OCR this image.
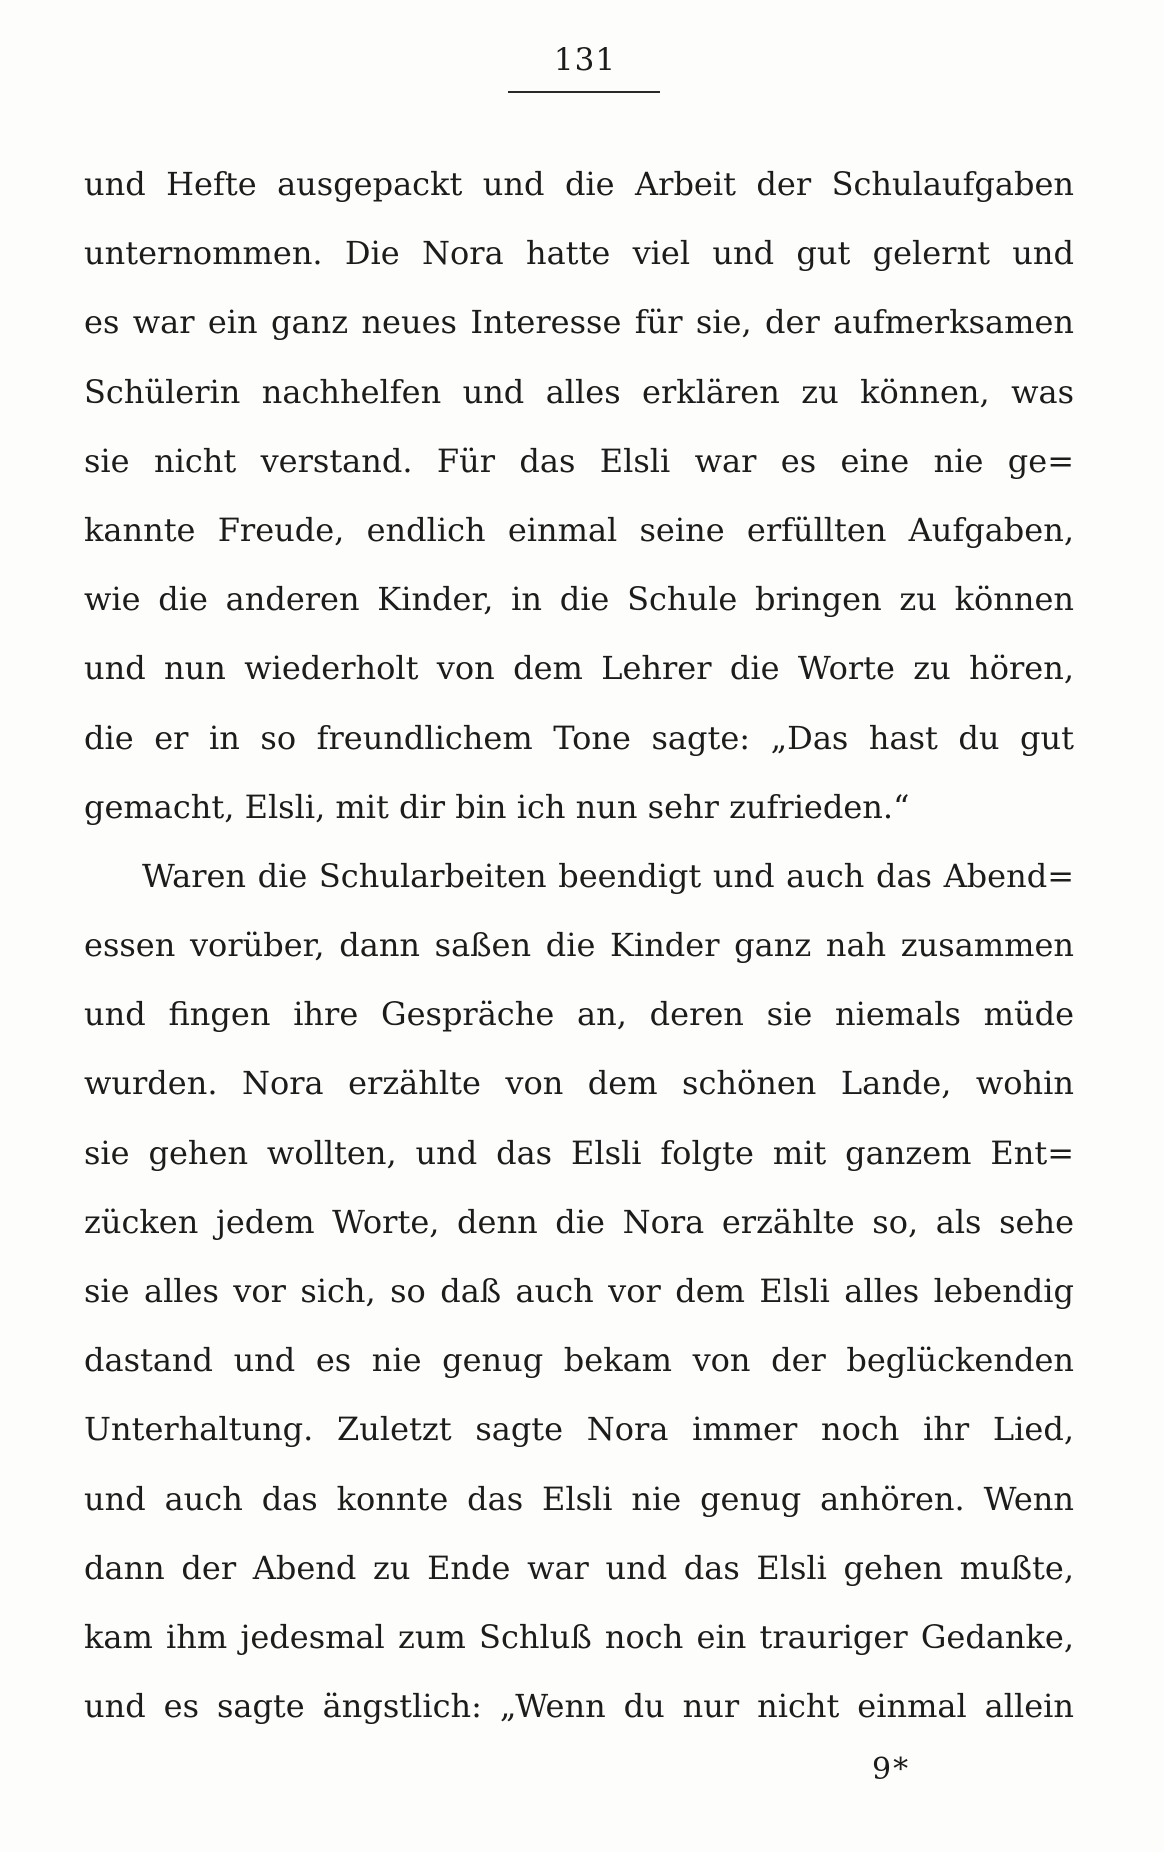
131
und Hefte ausgepackt und die Arbeit der Schulaufgaben
unternommen. Die Nora hatte viel und gut gelernt und
es war ein ganz neues Interesse für sie, der aufmerksamen
Schülerin nachhelfen und alles erklären zu können, was
sie nicht verstand. Für das Elsli war es eine nie ge=
kannte Freude, endlich einmal seine erfüllten Aufgaben,
wie die anderen Kinder, in die Schule bringen zu können
und nun wiederholt von dem Lehrer die Worte zu hören,
die er in so freundlichem Tone sagte: „Das hast du gut
gemacht, Elsli, mit dir bin ich nun sehr zufrieden.“
Waren die Schularbeiten beendigt und auch das Abend=
essen vorüber, dann saßen die Kinder ganz nah zusammen
und fingen ihre Gespräche an, deren sie niemals müde
wurden. Nora erzählte von dem schönen Lande, wohin
sie gehen wollten, und das Elsli folgte mit ganzem Ent=
zücken jedem Worte, denn die Nora erzählte so, als sehe
sie alles vor sich, so daß auch vor dem Elsli alles lebendig
dastand und es nie genug bekam von der beglückenden
Unterhaltung. Zuletzt sagte Nora immer noch ihr Lied,
und auch das konnte das Elsli nie genug anhören. Wenn
dann der Abend zu Ende war und das Elsli gehen mußte,
kam ihm jedesmal zum Schluß noch ein trauriger Gedanke,
und es sagte ängstlich: „Wenn du nur nicht einmal allein
9*
